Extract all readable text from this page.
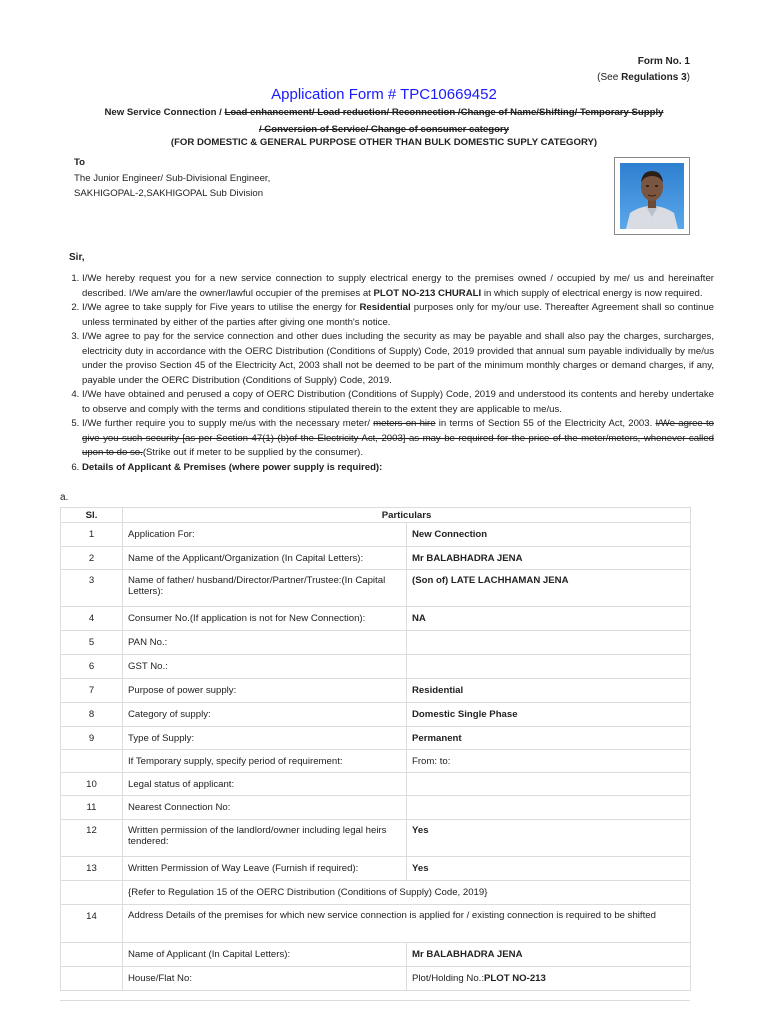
Form No. 1
(See Regulations 3)
Application Form # TPC10669452
New Service Connection / Load enhancement/ Load reduction/ Reconnection /Change of Name/Shifting/ Temporary Supply
/ Conversion of Service/ Change of consumer category
(FOR DOMESTIC & GENERAL PURPOSE OTHER THAN BULK DOMESTIC SUPLY CATEGORY)
To
The Junior Engineer/ Sub-Divisional Engineer,
SAKHIGOPAL-2,SAKHIGOPAL Sub Division
Sir,
1. I/We hereby request you for a new service connection to supply electrical energy to the premises owned / occupied by me/ us and hereinafter described. I/We am/are the owner/lawful occupier of the premises at PLOT NO-213 CHURALI in which supply of electrical energy is now required.
2. I/We agree to take supply for Five years to utilise the energy for Residential purposes only for my/our use. Thereafter Agreement shall so continue unless terminated by either of the parties after giving one month's notice.
3. I/We agree to pay for the service connection and other dues including the security as may be payable and shall also pay the charges, surcharges, electricity duty in accordance with the OERC Distribution (Conditions of Supply) Code, 2019 provided that annual sum payable individually by me/us under the proviso Section 45 of the Electricity Act, 2003 shall not be deemed to be part of the minimum monthly charges or demand charges, if any, payable under the OERC Distribution (Conditions of Supply) Code, 2019.
4. I/We have obtained and perused a copy of OERC Distribution (Conditions of Supply) Code, 2019 and understood its contents and hereby undertake to observe and comply with the terms and conditions stipulated therein to the extent they are applicable to me/us.
5. I/We further require you to supply me/us with the necessary meter/ meters on hire in terms of Section 55 of the Electricity Act, 2003. I/We agree to give you such security [as per Section 47(1) (b)of the Electricity Act, 2003] as may be required for the price of the meter/meters, whenever called upon to do so.(Strike out if meter to be supplied by the consumer).
6. Details of Applicant & Premises (where power supply is required):
a.
Sl.	Particulars	
1	Application For:	New Connection
2	Name of the Applicant/Organization (In Capital Letters):	Mr BALABHADRA JENA
3	Name of father/ husband/Director/Partner/Trustee:(In Capital Letters):	(Son of) LATE LACHHAMAN JENA
4	Consumer No.(If application is not for New Connection):	NA
5	PAN No.:	
6	GST No.:	
7	Purpose of power supply:	Residential
8	Category of supply:	Domestic Single Phase
9	Type of Supply:	Permanent
	If Temporary supply, specify period of requirement:	From: to:
10	Legal status of applicant:	
11	Nearest Connection No:	
12	Written permission of the landlord/owner including legal heirs tendered:	Yes
13	Written Permission of Way Leave (Furnish if required):	Yes
	{Refer to Regulation 15 of the OERC Distribution (Conditions of Supply) Code, 2019}	
14	Address Details of the premises for which new service connection is applied for / existing connection is required to be shifted	
	Name of Applicant (In Capital Letters):	Mr BALABHADRA JENA
	House/Flat No:	Plot/Holding No.:PLOT NO-213
